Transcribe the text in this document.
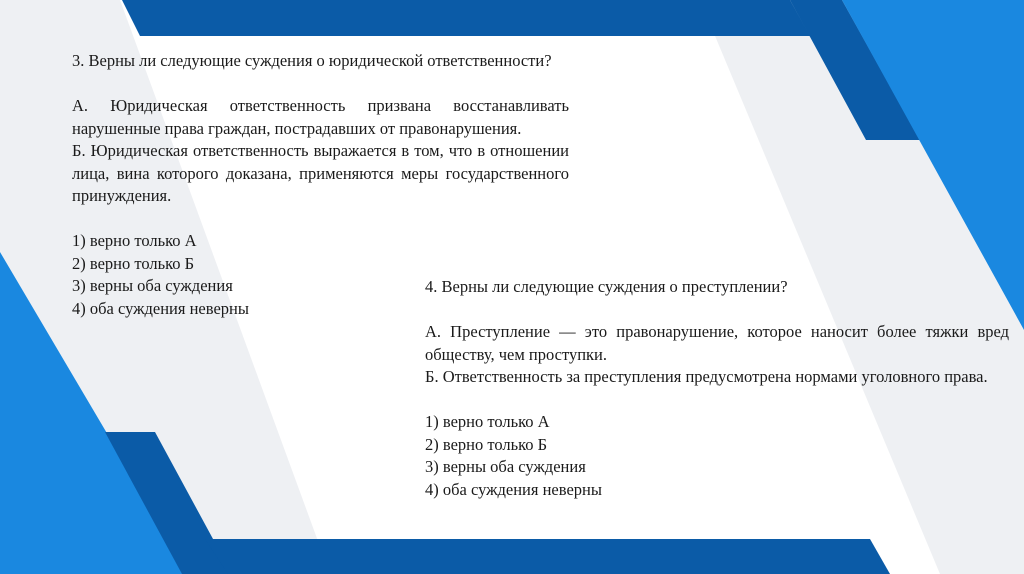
3. Верны ли следующие суждения о юридической ответственности?

А. Юридическая ответственность призвана восстанавливать нарушенные права граждан, пострадавших от правонарушения.

Б. Юридическая ответственность выражается в том, что в отношении лица, вина которого доказана, применяются меры государственного принуждения.

1) верно только А

2) верно только Б

3) верны оба суждения

4) оба суждения неверны

4. Верны ли следующие суждения о преступлении?

А. Преступление — это правонарушение, которое наносит более тяжки вред обществу, чем проступки.

Б. Ответственность за преступления предусмотрена нормами уголовного права.

1) верно только А

2) верно только Б

3) верны оба суждения

4) оба суждения неверны
